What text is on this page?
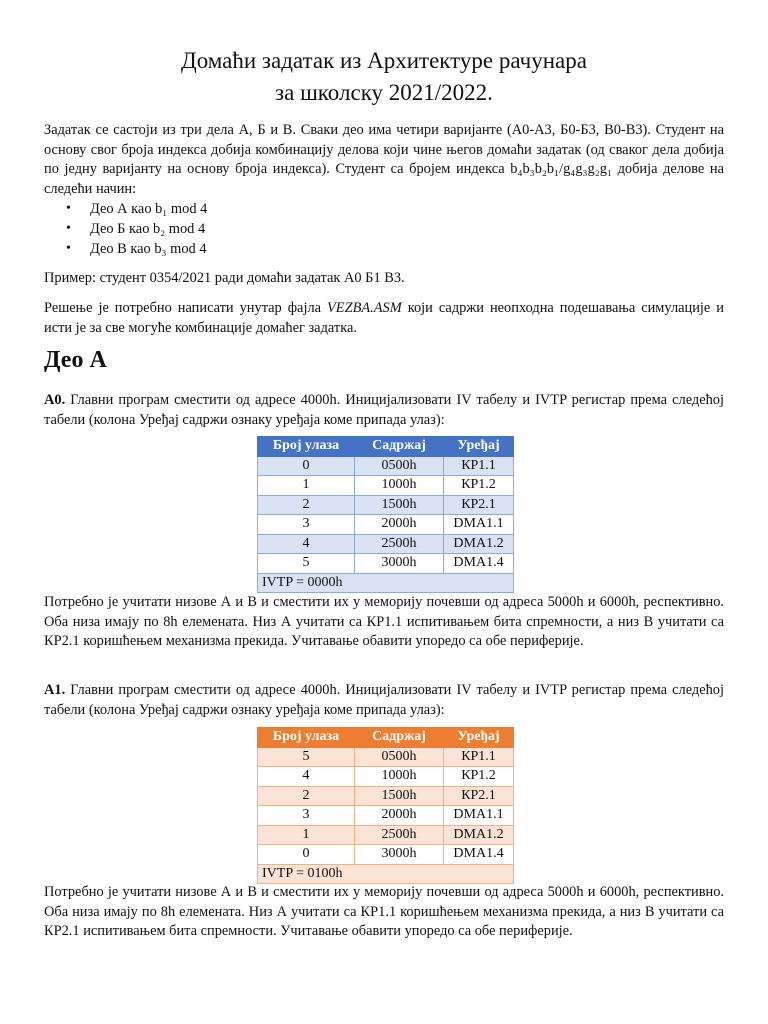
Домаћи задатак из Архитектуре рачунара
за школску 2021/2022.

Задатак се састоји из три дела А, Б и В. Сваки део има четири варијанте (А0-А3, Б0-Б3, В0-В3). Студент на основу свог броја индекса добија комбинацију делова који чине његов домаћи задатак (од сваког дела добија по једну варијанту на основу броја индекса). Студент са бројем индекса b₄b₃b₂b₁/g₄g₃g₂g₁ добија делове на следећи начин:

• Део А као b₁ mod 4
• Део Б као b₂ mod 4
• Део В као b₃ mod 4

Пример: студент 0354/2021 ради домаћи задатак А0 Б1 В3.

Решење је потребно написати унутар фајла VEZBA.ASM који садржи неопходна подешавања симулације и исти је за све могуће комбинације домаћег задатка.

Део А

А0. Главни програм сместити од адресе 4000h. Иницијализовати IV табелу и IVTP регистар према следећој табели (колона Уређај садржи ознаку уређаја коме припада улаз):

Број улаза	Садржај	Уређај
0	0500h	КР1.1
1	1000h	КР1.2
2	1500h	КР2.1
3	2000h	DMA1.1
4	2500h	DMA1.2
5	3000h	DMA1.4
IVTP = 0000h		

Потребно је учитати низове А и В и сместити их у меморију почевши од адреса 5000h и 6000h, респективно. Оба низа имају по 8h елемената. Низ А учитати са КР1.1 испитивањем бита спремности, а низ В учитати са КР2.1 коришћењем механизма прекида. Учитавање обавити упоредо са обе периферије.

А1. Главни програм сместити од адресе 4000h. Иницијализовати IV табелу и IVTP регистар према следећој табели (колона Уређај садржи ознаку уређаја коме припада улаз):

Број улаза	Садржај	Уређај
5	0500h	КР1.1
4	1000h	КР1.2
2	1500h	КР2.1
3	2000h	DMA1.1
1	2500h	DMA1.2
0	3000h	DMA1.4
IVTP = 0100h		

Потребно је учитати низове А и В и сместити их у меморију почевши од адреса 5000h и 6000h, респективно. Оба низа имају по 8h елемената. Низ А учитати са КР1.1 коришћењем механизма прекида, а низ В учитати са КР2.1 испитивањем бита спремности. Учитавање обавити упоредо са обе периферије.
